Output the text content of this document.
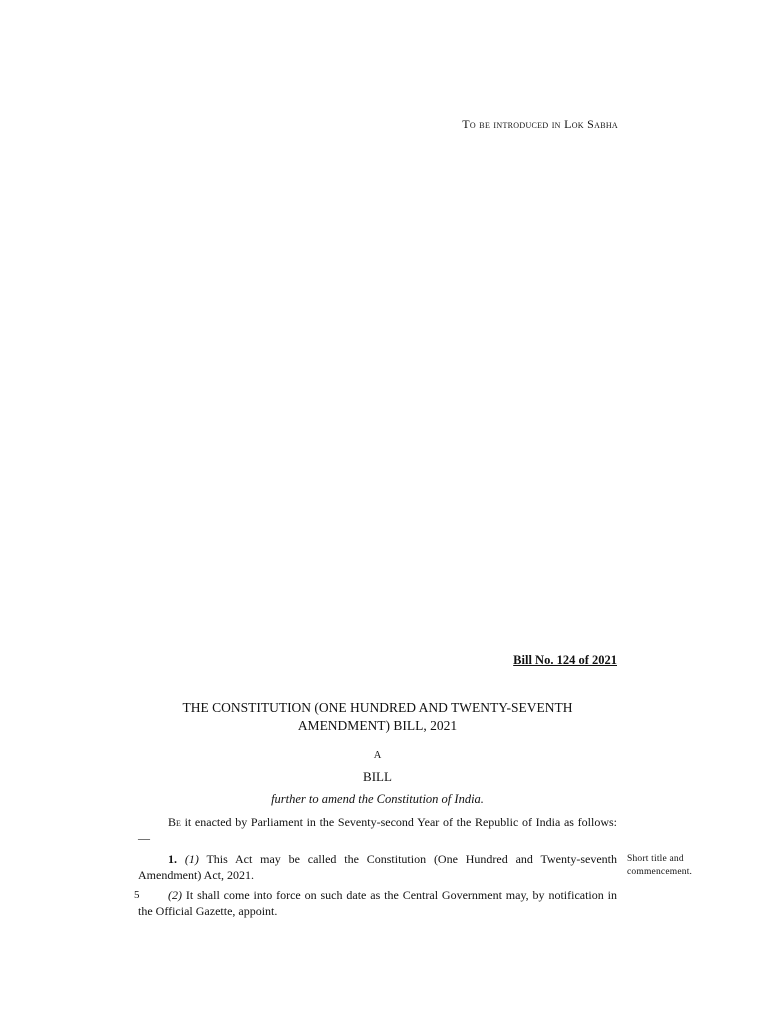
To be introduced in Lok Sabha
Bill No. 124 of 2021
THE CONSTITUTION (ONE HUNDRED AND TWENTY-SEVENTH
AMENDMENT) BILL, 2021
A
BILL
further to amend the Constitution of India.
Be it enacted by Parliament in the Seventy-second Year of the Republic of India as follows:—
1. (1) This Act may be called the Constitution (One Hundred and Twenty-seventh Amendment) Act, 2021.
5	(2) It shall come into force on such date as the Central Government may, by notification in the Official Gazette, appoint.
Short title and commencement.
